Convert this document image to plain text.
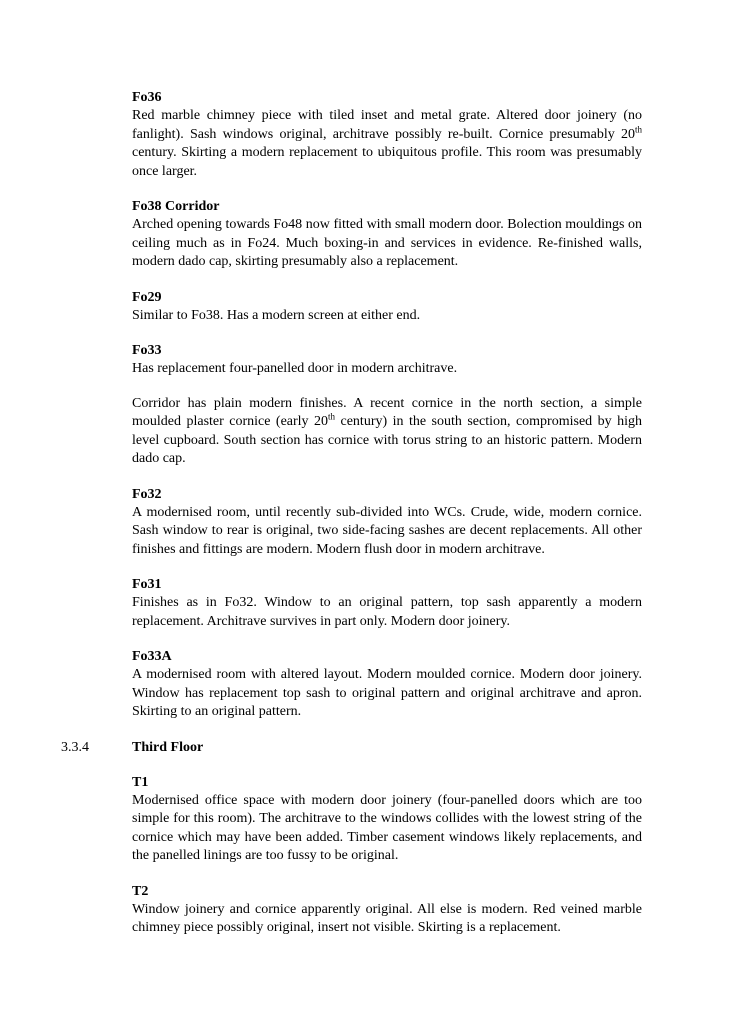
Fo36

Red marble chimney piece with tiled inset and metal grate. Altered door joinery (no fanlight). Sash windows original, architrave possibly re-built. Cornice presumably 20th century. Skirting a modern replacement to ubiquitous profile. This room was presumably once larger.

Fo38 Corridor

Arched opening towards Fo48 now fitted with small modern door. Bolection mouldings on ceiling much as in Fo24. Much boxing-in and services in evidence. Re-finished walls, modern dado cap, skirting presumably also a replacement.

Fo29

Similar to Fo38. Has a modern screen at either end.

Fo33

Has replacement four-panelled door in modern architrave.

Corridor has plain modern finishes. A recent cornice in the north section, a simple moulded plaster cornice (early 20th century) in the south section, compromised by high level cupboard. South section has cornice with torus string to an historic pattern. Modern dado cap.

Fo32

A modernised room, until recently sub-divided into WCs. Crude, wide, modern cornice. Sash window to rear is original, two side-facing sashes are decent replacements. All other finishes and fittings are modern. Modern flush door in modern architrave.

Fo31

Finishes as in Fo32. Window to an original pattern, top sash apparently a modern replacement. Architrave survives in part only. Modern door joinery.

Fo33A

A modernised room with altered layout. Modern moulded cornice. Modern door joinery. Window has replacement top sash to original pattern and original architrave and apron. Skirting to an original pattern.

3.3.4	Third Floor
T1

Modernised office space with modern door joinery (four-panelled doors which are too simple for this room). The architrave to the windows collides with the lowest string of the cornice which may have been added. Timber casement windows likely replacements, and the panelled linings are too fussy to be original.

T2

Window joinery and cornice apparently original. All else is modern. Red veined marble chimney piece possibly original, insert not visible. Skirting is a replacement.
